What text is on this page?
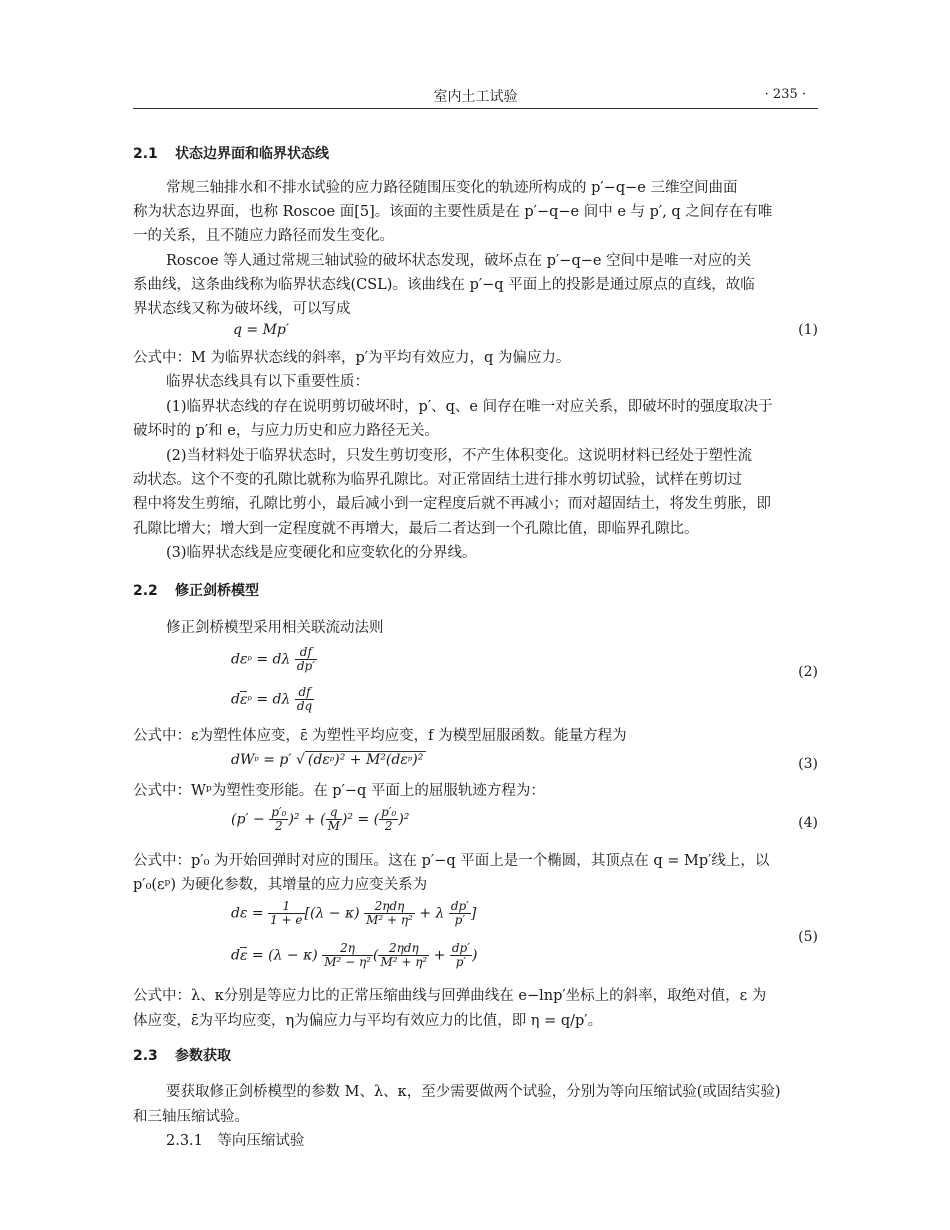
室内土工试验	· 235 ·
2.1 状态边界面和临界状态线
常规三轴排水和不排水试验的应力路径随围压变化的轨迹所构成的 p′−q−e 三维空间曲面
称为状态边界面，也称 Roscoe 面[5]。该面的主要性质是在 p′−q−e 间中 e 与 p′, q 之间存在有唯
一的关系，且不随应力路径而发生变化。
Roscoe 等人通过常规三轴试验的破坏状态发现，破坏点在 p′−q−e 空间中是唯一对应的关
系曲线，这条曲线称为临界状态线(CSL)。该曲线在 p′−q 平面上的投影是通过原点的直线，故临
界状态线又称为破坏线，可以写成
q = Mp′	(1)
公式中：M 为临界状态线的斜率，p′为平均有效应力，q 为偏应力。
临界状态线具有以下重要性质：
(1)临界状态线的存在说明剪切破坏时，p′、q、e 间存在唯一对应关系，即破坏时的强度取决于
破坏时的 p′和 e，与应力历史和应力路径无关。
(2)当材料处于临界状态时，只发生剪切变形，不产生体积变化。这说明材料已经处于塑性流
动状态。这个不变的孔隙比就称为临界孔隙比。对正常固结土进行排水剪切试验，试样在剪切过
程中将发生剪缩，孔隙比剪小，最后减小到一定程度后就不再减小；而对超固结土，将发生剪胀，即
孔隙比增大；增大到一定程度就不再增大，最后二者达到一个孔隙比值，即临界孔隙比。
(3)临界状态线是应变硬化和应变软化的分界线。
2.2 修正剑桥模型
修正剑桥模型采用相关联流动法则
dεᵖ = dλ $\frac{df}{dp'}$
dεᵖ = dλ $\frac{df}{dq}$
(2)
公式中：ε为塑性体应变，ε̄ 为塑性平均应变，f 为模型屈服函数。能量方程为
dWᵖ = p′ √ (dεᵖ)² + M²(dεᵖ)²	(3)
公式中：Wᵖ为塑性变形能。在 p′−q 平面上的屈服轨迹方程为：
$(p' - \frac{\text{p′₀}}{2} )^2$ + ( $\frac{q}{M} )^2$ = ( $\frac{\text{p′₀}}{2} )^2$	(4)
公式中：p′₀ 为开始回弹时对应的围压。这在 p′−q 平面上是一个椭圆，其顶点在 q = Mp′线上，以
p′₀(εᵖ) 为硬化参数，其增量的应力应变关系为
$d\varepsilon = \frac{1}{1 + e} [(\lambda - \kappa) \frac{\text{2ηdη}}{\text{M² + η²}} + \lambda \frac{dp'}{p'}$ ]
$d\varepsilon = (\lambda - \kappa) \frac{2\eta}{\text{M² − η²}}$ ( $\frac{\text{2ηdη}}{\text{M² + η²}} + \frac{dp'}{p'}$ )
(5)
公式中：λ、κ分别是等应力比的正常压缩曲线与回弹曲线在 e−lnp′坐标上的斜率，取绝对值，ε 为
体应变，ε̄为平均应变，η为偏应力与平均有效应力的比值，即 η = q/p′。
2.3 参数获取
要获取修正剑桥模型的参数 M、λ、κ，至少需要做两个试验，分别为等向压缩试验(或固结实验)
和三轴压缩试验。
2.3.1　等向压缩试验
